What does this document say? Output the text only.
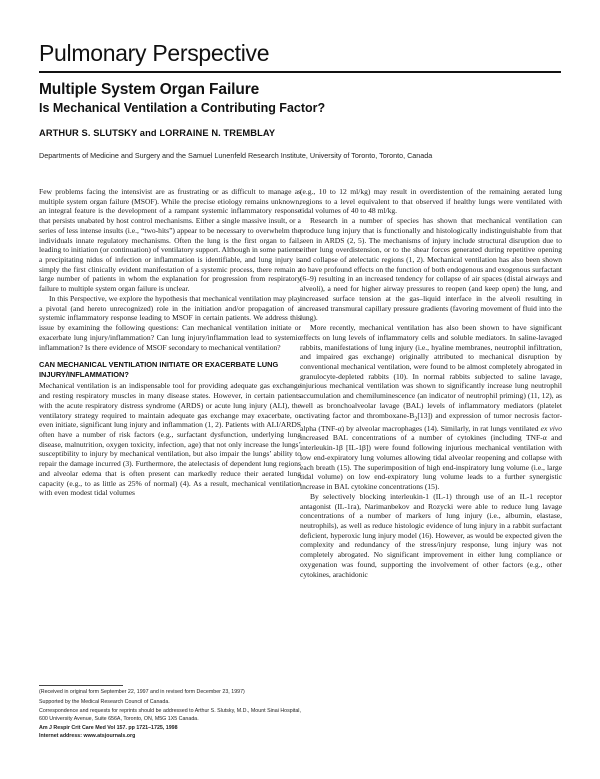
Pulmonary Perspective
Multiple System Organ Failure
Is Mechanical Ventilation a Contributing Factor?
ARTHUR S. SLUTSKY and LORRAINE N. TREMBLAY
Departments of Medicine and Surgery and the Samuel Lunenfeld Research Institute, University of Toronto, Toronto, Canada

Few problems facing the intensivist are as frustrating or as difficult to manage as multiple system organ failure (MSOF). While the precise etiology remains unknown, an integral feature is the development of a rampant systemic inflammatory response that persists unabated by host control mechanisms. Either a single massive insult, or a series of less intense insults (i.e., “two-hits”) appear to be necessary to overwhelm the individuals innate regulatory mechanisms. Often the lung is the first organ to fail, leading to initiation (or continuation) of ventilatory support. Although in some patients a precipitating nidus of infection or inflammation is identifiable, and lung injury is simply the first clinically evident manifestation of a systemic process, there remain a large number of patients in whom the explanation for progression from respiratory failure to multiple system organ failure is unclear.

In this Perspective, we explore the hypothesis that mechanical ventilation may play a pivotal (and hereto unrecognized) role in the initiation and/or propagation of a systemic inflammatory response leading to MSOF in certain patients. We address this issue by examining the following questions: Can mechanical ventilation initiate or exacerbate lung injury/inflammation? Can lung injury/inflammation lead to systemic inflammation? Is there evidence of MSOF secondary to mechanical ventilation?

CAN MECHANICAL VENTILATION INITIATE OR EXACERBATE LUNG INJURY/INFLAMMATION?

Mechanical ventilation is an indispensable tool for providing adequate gas exchange and resting respiratory muscles in many disease states. However, in certain patients with the acute respiratory distress syndrome (ARDS) or acute lung injury (ALI), the ventilatory strategy required to maintain adequate gas exchange may exacerbate, or even initiate, significant lung injury and inflammation (1, 2). Patients with ALI/ARDS often have a number of risk factors (e.g., surfactant dysfunction, underlying lung disease, malnutrition, oxygen toxicity, infection, age) that not only increase the lungs’ susceptibility to injury by mechanical ventilation, but also impair the lungs’ ability to repair the damage incurred (3). Furthermore, the atelectasis of dependent lung regions and alveolar edema that is often present can markedly reduce their aerated lung capacity (e.g., to as little as 25% of normal) (4). As a result, mechanical ventilation with even modest tidal volumes

(Received in original form September 22, 1997 and in revised form December 23, 1997)

Supported by the Medical Research Council of Canada.

Correspondence and requests for reprints should be addressed to Arthur S. Slutsky, M.D., Mount Sinai Hospital, 600 University Avenue, Suite 656A, Toronto, ON, M5G 1X5 Canada.

Am J Respir Crit Care Med Vol 157. pp 1721–1725, 1998

Internet address: www.atsjournals.org

(e.g., 10 to 12 ml/kg) may result in overdistention of the remaining aerated lung regions to a level equivalent to that observed if healthy lungs were ventilated with tidal volumes of 40 to 48 ml/kg.

Research in a number of species has shown that mechanical ventilation can produce lung injury that is functionally and histologically indistinguishable from that seen in ARDS (2, 5). The mechanisms of injury include structural disruption due to either lung overdistension, or to the shear forces generated during repetitive opening and collapse of atelectatic regions (1, 2). Mechanical ventilation has also been shown to have profound effects on the function of both endogenous and exogenous surfactant (6–9) resulting in an increased tendency for collapse of air spaces (distal airways and alveoli), a need for higher airway pressures to reopen (and keep open) the lung, and increased surface tension at the gas–liquid interface in the alveoli resulting in increased transmural capillary pressure gradients (favoring movement of fluid into the lung).

More recently, mechanical ventilation has also been shown to have significant effects on lung levels of inflammatory cells and soluble mediators. In saline-lavaged rabbits, manifestations of lung injury (i.e., hyaline membranes, neutrophil infiltration, and impaired gas exchange) originally attributed to mechanical disruption by conventional mechanical ventilation, were found to be almost completely abrogated in granulocyte-depleted rabbits (10). In normal rabbits subjected to saline lavage, injurious mechanical ventilation was shown to significantly increase lung neutrophil accumulation and chemiluminescence (an indicator of neutrophil priming) (11, 12), as well as bronchoalveolar lavage (BAL) levels of inflammatory mediators (platelet activating factor and thromboxane-$B_2[13]$) and expression of tumor necrosis factor-alpha (TNF-α) by alveolar macrophages (14). Similarly, in rat lungs ventilated ex vivo increased BAL concentrations of a number of cytokines (including TNF-α and interleukin-1β [IL-1β]) were found following injurious mechanical ventilation with low end-expiratory lung volumes allowing tidal alveolar reopening and collapse with each breath (15). The superimposition of high end-inspiratory lung volume (i.e., large tidal volume) on low end-expiratory lung volume leads to a further synergistic increase in BAL cytokine concentrations (15).

By selectively blocking interleukin-1 (IL-1) through use of an IL-1 receptor antagonist (IL-1ra), Narimanbekov and Rozycki were able to reduce lung lavage concentrations of a number of markers of lung injury (i.e., albumin, elastase, neutrophils), as well as reduce histologic evidence of lung injury in a rabbit surfactant deficient, hyperoxic lung injury model (16). However, as would be expected given the complexity and redundancy of the stress/injury response, lung injury was not completely abrogated. No significant improvement in either lung compliance or oxygenation was found, supporting the involvement of other factors (e.g., other cytokines, arachidonic
